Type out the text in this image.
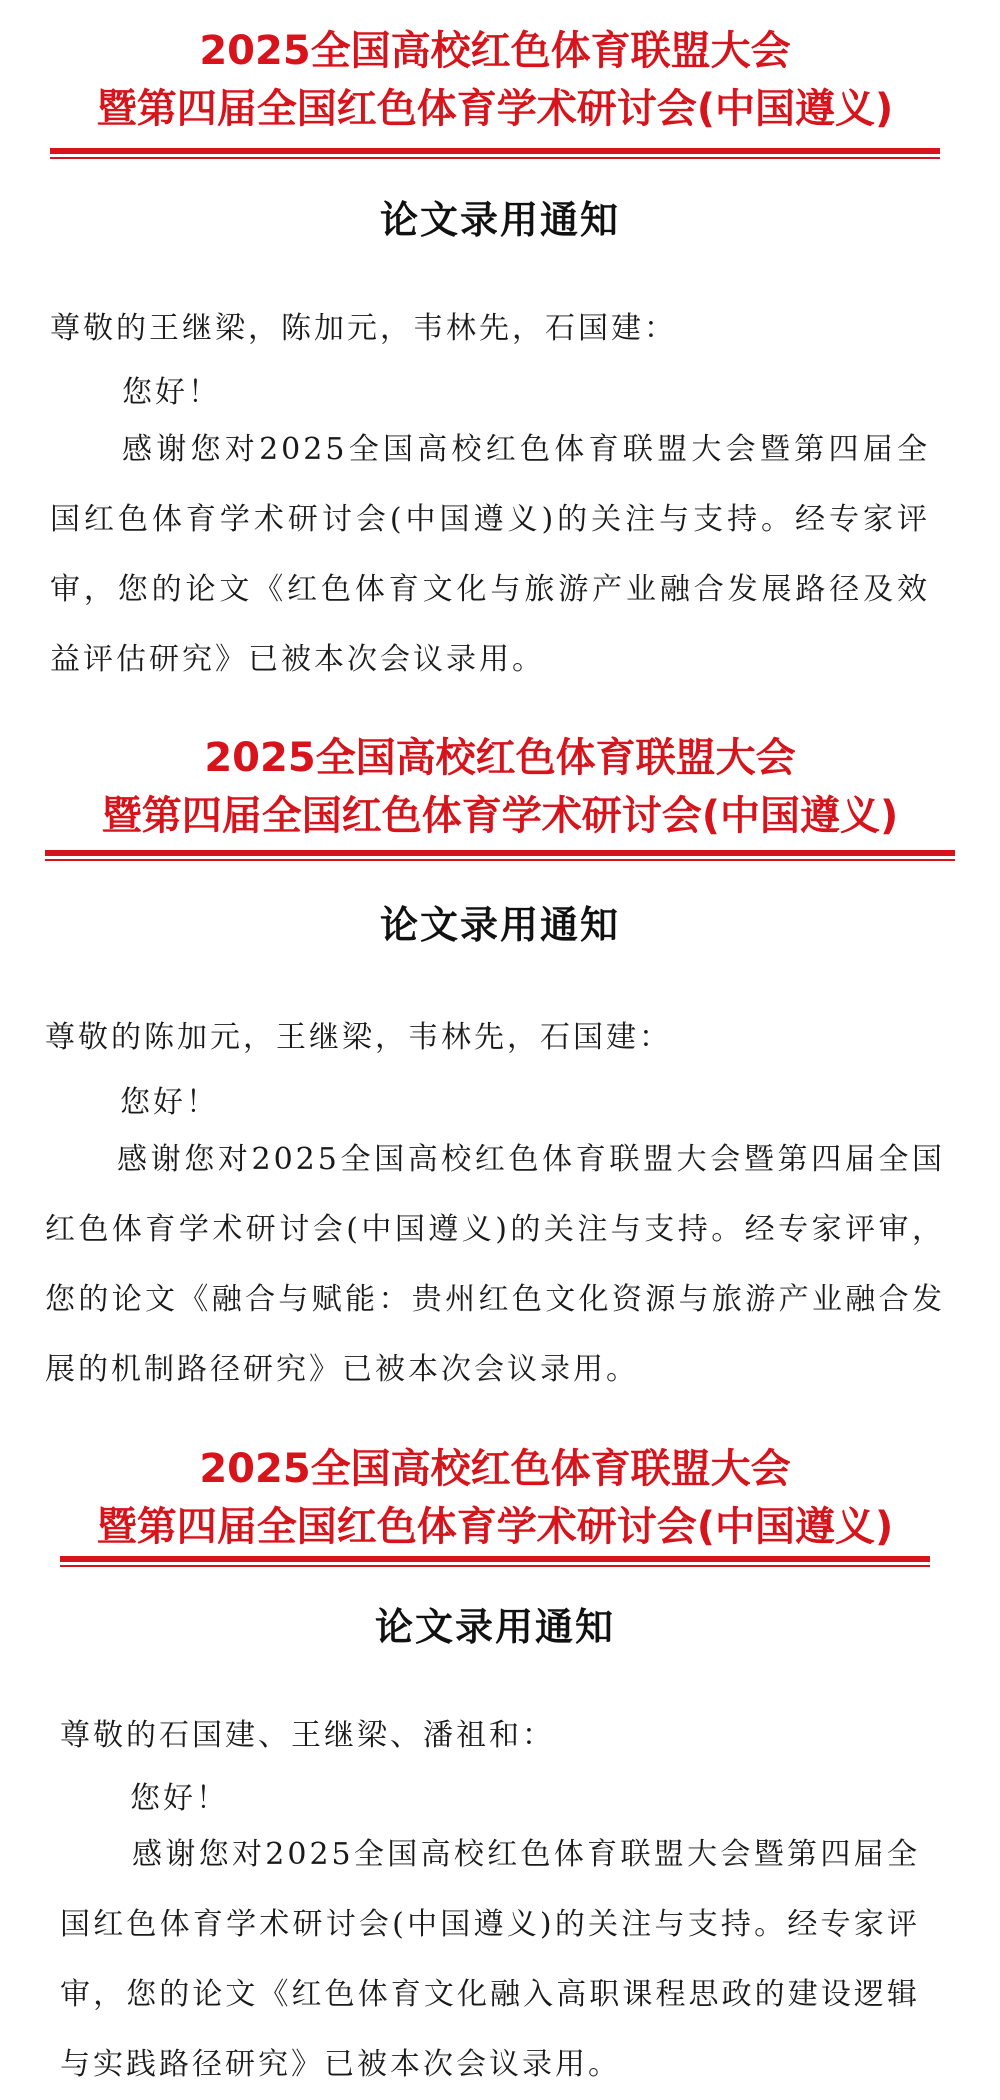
2025全国高校红色体育联盟大会
暨第四届全国红色体育学术研讨会(中国遵义)
论文录用通知

尊敬的王继梁，陈加元，韦林先，石国建：

您好！

感谢您对2025全国高校红色体育联盟大会暨第四届全国红色体育学术研讨会(中国遵义)的关注与支持。经专家评审，您的论文《红色体育文化与旅游产业融合发展路径及效益评估研究》已被本次会议录用。

2025全国高校红色体育联盟大会
暨第四届全国红色体育学术研讨会(中国遵义)
论文录用通知

尊敬的陈加元，王继梁，韦林先，石国建：

您好！

感谢您对2025全国高校红色体育联盟大会暨第四届全国红色体育学术研讨会(中国遵义)的关注与支持。经专家评审，您的论文《融合与赋能：贵州红色文化资源与旅游产业融合发展的机制路径研究》已被本次会议录用。

2025全国高校红色体育联盟大会
暨第四届全国红色体育学术研讨会(中国遵义)
论文录用通知

尊敬的石国建、王继梁、潘祖和：

您好！

感谢您对2025全国高校红色体育联盟大会暨第四届全国红色体育学术研讨会(中国遵义)的关注与支持。经专家评审，您的论文《红色体育文化融入高职课程思政的建设逻辑与实践路径研究》已被本次会议录用。
